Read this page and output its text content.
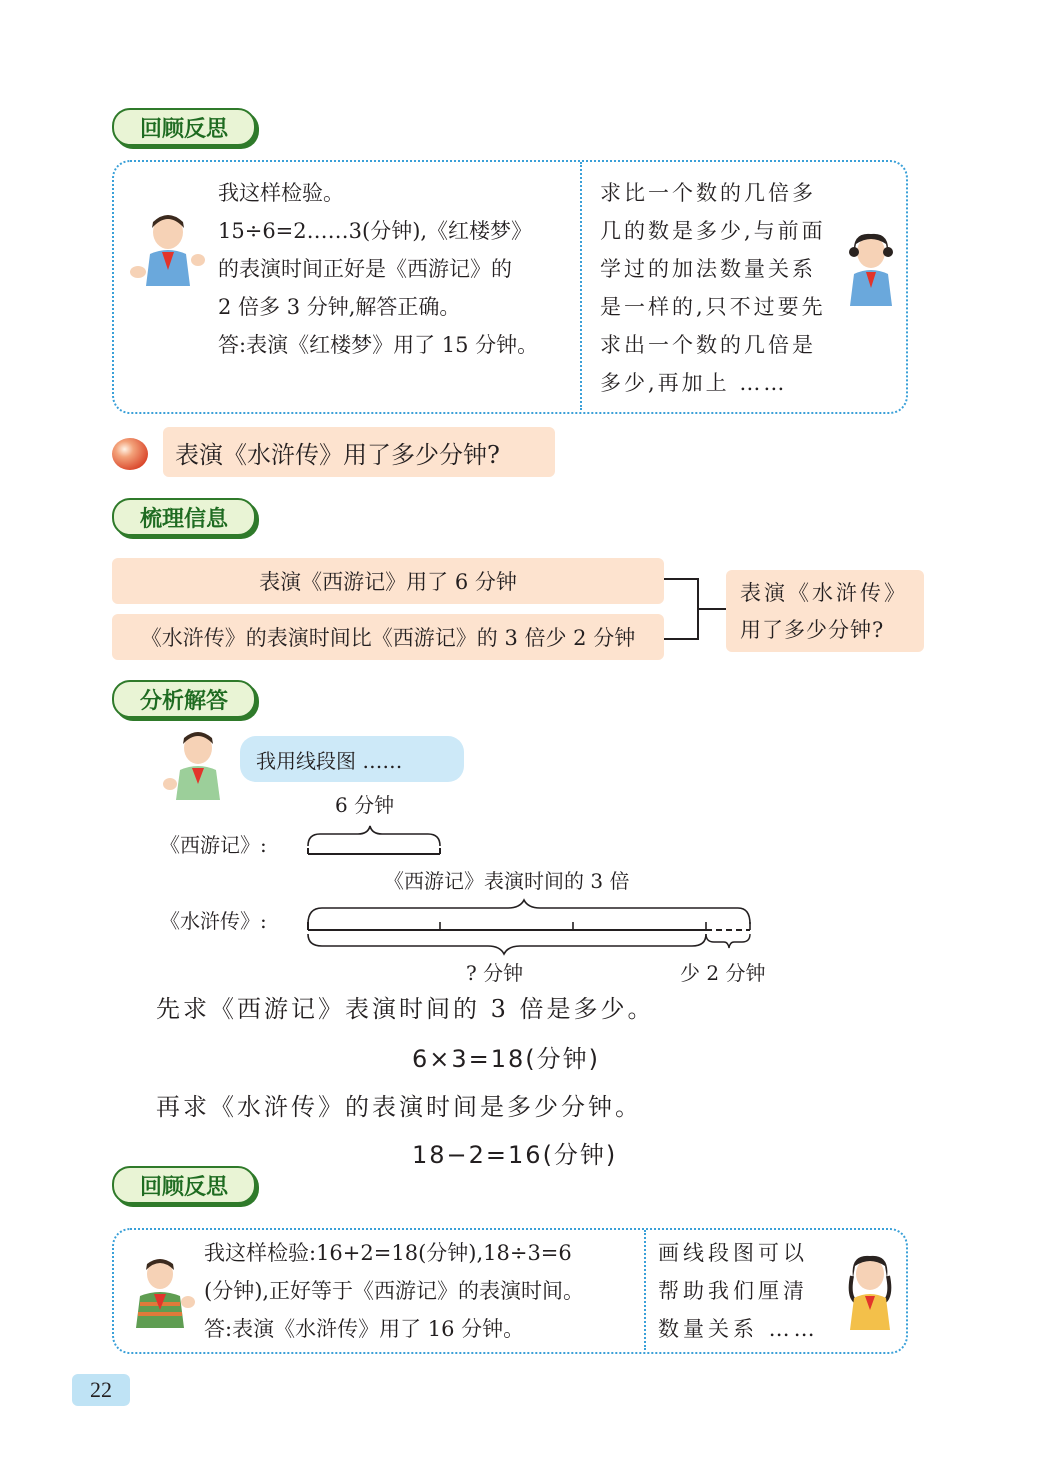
回顾反思
我这样检验。
15÷6=2……3(分钟),《红楼梦》
的表演时间正好是《西游记》的
2 倍多 3 分钟,解答正确。
答:表演《红楼梦》用了 15 分钟。
求比一个数的几倍多
几的数是多少,与前面
学过的加法数量关系
是一样的,只不过要先
求出一个数的几倍是
多少,再加上 ……
表演《水浒传》用了多少分钟?
梳理信息
表演《西游记》用了 6 分钟
《水浒传》的表演时间比《西游记》的 3 倍少 2 分钟
表演《水浒传》
用了多少分钟?
分析解答
我用线段图 ……
6 分钟
《西游记》:
《西游记》表演时间的 3 倍
《水浒传》:
? 分钟	少 2 分钟
先求《西游记》表演时间的 3 倍是多少。
6×3=18(分钟)
再求《水浒传》的表演时间是多少分钟。
18−2=16(分钟)
回顾反思
我这样检验:16+2=18(分钟),18÷3=6
(分钟),正好等于《西游记》的表演时间。
答:表演《水浒传》用了 16 分钟。
画线段图可以
帮助我们厘清
数量关系 ……
22
